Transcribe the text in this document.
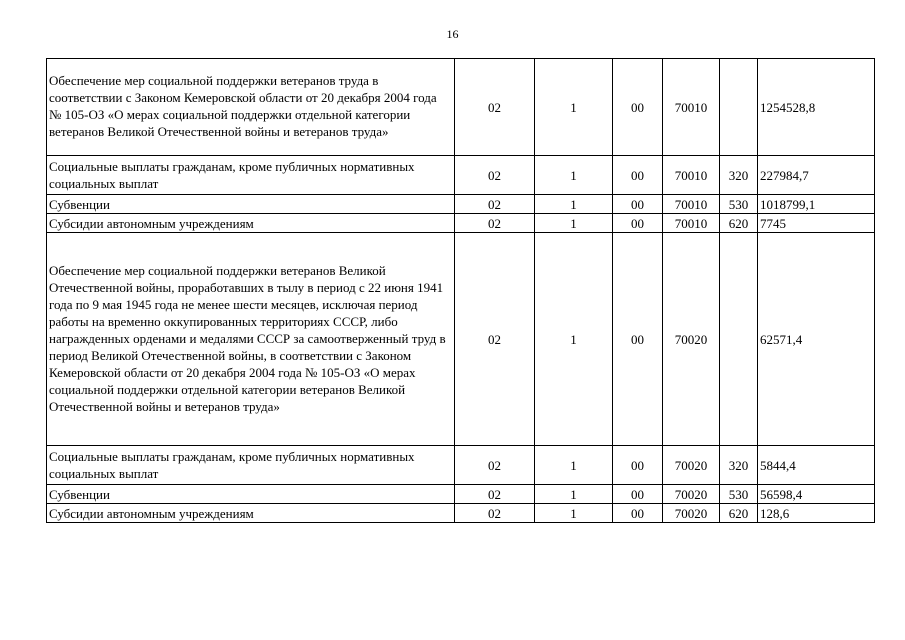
16
Обеспечение мер социальной поддержки ветеранов труда в соответствии с Законом Кемеровской области от 20 декабря 2004 года № 105-ОЗ «О мерах социальной поддержки отдельной категории ветеранов Великой Отечественной войны и ветеранов труда»	02	1	00	70010		1254528,8
Социальные выплаты гражданам, кроме публичных нормативных социальных выплат	02	1	00	70010	320	227984,7
Субвенции	02	1	00	70010	530	1018799,1
Субсидии автономным учреждениям	02	1	00	70010	620	7745
Обеспечение мер социальной поддержки ветеранов Великой Отечественной войны, проработавших в тылу в период с 22 июня 1941 года по 9 мая 1945 года не менее шести месяцев, исключая период работы на временно оккупированных территориях СССР, либо награжденных орденами и медалями СССР за самоотверженный труд в период Великой Отечественной войны, в соответствии с Законом Кемеровской области от 20 декабря 2004 года № 105-ОЗ «О мерах социальной поддержки отдельной категории ветеранов Великой Отечественной войны и ветеранов труда»	02	1	00	70020		62571,4
Социальные выплаты гражданам, кроме публичных нормативных социальных выплат	02	1	00	70020	320	5844,4
Субвенции	02	1	00	70020	530	56598,4
Субсидии автономным учреждениям	02	1	00	70020	620	128,6
